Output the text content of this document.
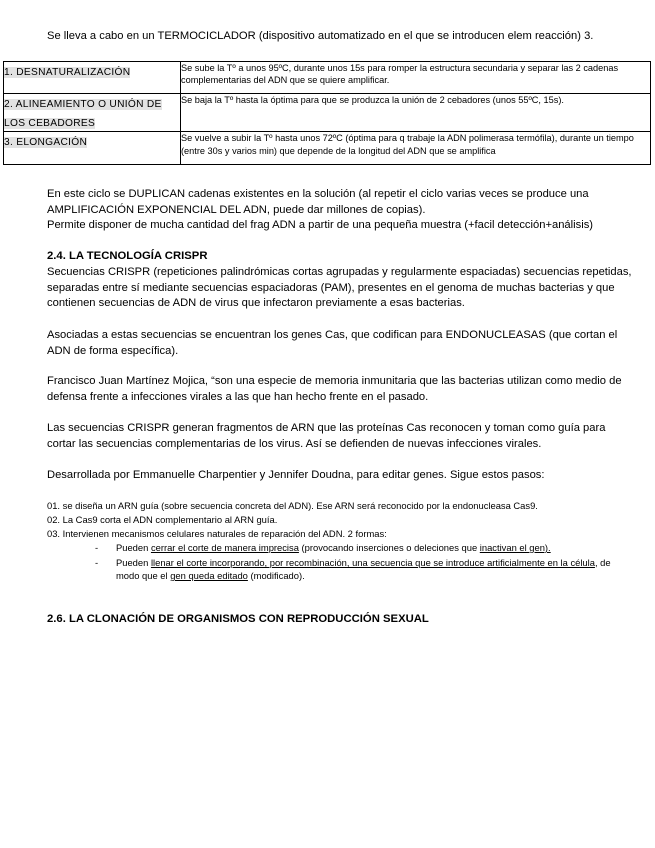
Se lleva a cabo en un TERMOCICLADOR (dispositivo automatizado en el que se introducen elem reacción) 3.

1. DESNATURALIZACIÓN	Se sube la Tº a unos 95ºC, durante unos 15s para romper la estructura secundaria y separar las 2 cadenas complementarias del ADN que se quiere amplificar.
2. ALINEAMIENTO O UNIÓN DE LOS CEBADORES	Se baja la Tº hasta la óptima para que se produzca la unión de 2 cebadores (unos 55ºC, 15s).
3. ELONGACIÓN	Se vuelve a subir la Tº hasta unos 72ºC (óptima para q trabaje la ADN polimerasa termófila), durante un tiempo (entre 30s y varios min) que depende de la longitud del ADN que se amplifica

En este ciclo se DUPLICAN cadenas existentes en la solución (al repetir el ciclo varias veces se produce una AMPLIFICACIÓN EXPONENCIAL DEL ADN, puede dar millones de copias).

Permite disponer de mucha cantidad del frag ADN a partir de una pequeña muestra (+facil detección+análisis)

2.4. LA TECNOLOGÍA CRISPR

Secuencias CRISPR (repeticiones palindrómicas cortas agrupadas y regularmente espaciadas) secuencias repetidas, separadas entre sí mediante secuencias espaciadoras (PAM), presentes en el genoma de muchas bacterias y que contienen secuencias de ADN de virus que infectaron previamente a esas bacterias.

Asociadas a estas secuencias se encuentran los genes Cas, que codifican para ENDONUCLEASAS (que cortan el ADN de forma específica).

Francisco Juan Martínez Mojica, “son una especie de memoria inmunitaria que las bacterias utilizan como medio de defensa frente a infecciones virales a las que han hecho frente en el pasado.

Las secuencias CRISPR generan fragmentos de ARN que las proteínas Cas reconocen y toman como guía para cortar las secuencias complementarias de los virus. Así se defienden de nuevas infecciones virales.

Desarrollada por Emmanuelle Charpentier y Jennifer Doudna, para editar genes. Sigue estos pasos:

01. se diseña un ARN guía (sobre secuencia concreta del ADN). Ese ARN será reconocido por la endonucleasa Cas9.

02. La Cas9 corta el ADN complementario al ARN guía.

03. Intervienen mecanismos celulares naturales de reparación del ADN. 2 formas:

- Pueden cerrar el corte de manera imprecisa (provocando inserciones o deleciones que inactivan el gen).

- Pueden llenar el corte incorporando, por recombinación, una secuencia que se introduce artificialmente en la célula, de modo que el gen queda editado (modificado).

2.6. LA CLONACIÓN DE ORGANISMOS CON REPRODUCCIÓN SEXUAL
